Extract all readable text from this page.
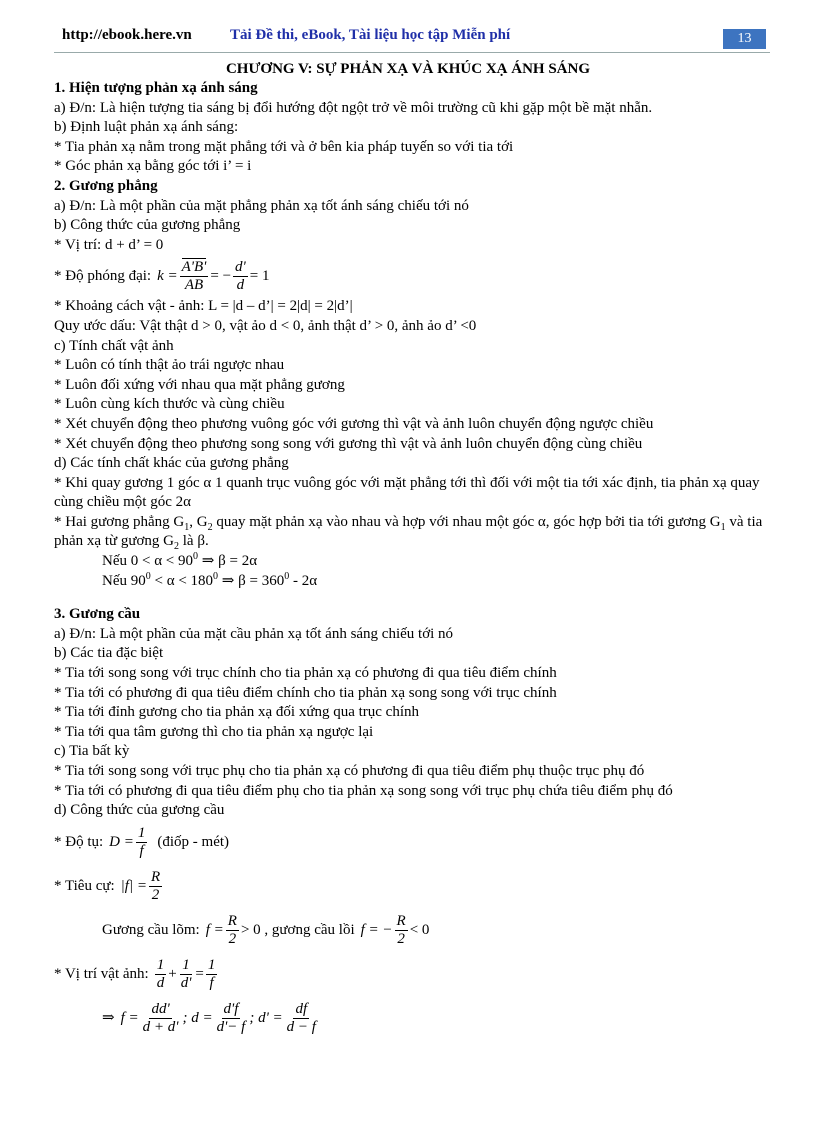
http://ebook.here.vn	Tải Đề thi, eBook, Tài liệu học tập Miễn phí	13
CHƯƠNG V: SỰ PHẢN XẠ VÀ KHÚC XẠ ÁNH SÁNG
1. Hiện tượng phản xạ ánh sáng
a) Đ/n: Là hiện tượng tia sáng bị đổi hướng đột ngột trở về môi trường cũ khi gặp một bề mặt nhẵn.
b) Định luật phản xạ ánh sáng:
* Tia phản xạ nằm trong mặt phẳng tới và ở bên kia pháp tuyến so với tia tới
* Góc phản xạ bằng góc tới i’ = i
2. Gương phẳng
a) Đ/n: Là một phần của mặt phẳng phản xạ tốt ánh sáng chiếu tới nó
b) Công thức của gương phẳng
* Vị trí: d + d’ = 0
* Độ phóng đại: $k = \frac{A'B'}{AB}$ = − $\frac{d'}{d} = 1$
* Khoảng cách vật - ảnh: L = |d – d’| = 2|d| = 2|d’|
Quy ước dấu: Vật thật d > 0, vật ảo d < 0, ảnh thật d’ > 0, ảnh ảo d’ <0
c) Tính chất vật ảnh
* Luôn có tính thật ảo trái ngược nhau
* Luôn đối xứng với nhau qua mặt phẳng gương
* Luôn cùng kích thước và cùng chiều
* Xét chuyển động theo phương vuông góc với gương thì vật và ảnh luôn chuyển động ngược chiều
* Xét chuyển động theo phương song song với gương thì vật và ảnh luôn chuyển động cùng chiều
d) Các tính chất khác của gương phẳng
* Khi quay gương 1 góc α 1 quanh trục vuông góc với mặt phẳng tới thì đối với một tia tới xác định, tia phản xạ quay cùng chiều một góc 2α
* Hai gương phẳng $G_1$, $G_2$ quay mặt phản xạ vào nhau và hợp với nhau một góc α, góc hợp bởi tia tới gương $G_1$ và tia phản xạ từ gương $G_2$ là β.
Nếu $0 < \alpha < 90^0$ ⇒ β = 2α
Nếu $90^0 < \alpha < 180^0$ ⇒ $\beta = 360^0 - 2\alpha$
3. Gương cầu
a) Đ/n: Là một phần của mặt cầu phản xạ tốt ánh sáng chiếu tới nó
b) Các tia đặc biệt
* Tia tới song song với trục chính cho tia phản xạ có phương đi qua tiêu điểm chính
* Tia tới có phương đi qua tiêu điểm chính cho tia phản xạ song song với trục chính
* Tia tới đỉnh gương cho tia phản xạ đối xứng qua trục chính
* Tia tới qua tâm gương thì cho tia phản xạ ngược lại
c) Tia bất kỳ
* Tia tới song song với trục phụ cho tia phản xạ có phương đi qua tiêu điểm phụ thuộc trục phụ đó
* Tia tới có phương đi qua tiêu điểm phụ cho tia phản xạ song song với trục phụ chứa tiêu điểm phụ đó
d) Công thức của gương cầu
* Độ tụ: $D = \frac{1}{f}$ (điốp - mét)
* Tiêu cự: $|f| = \frac{R}{2}$
Gương cầu lõm: $f = \frac{R}{2} > 0$ , gương cầu lồi f = − $\frac{R}{2} < 0$
* Vị trí vật ảnh: $\frac{1}{d} + \frac{1}{d'} = \frac{1}{f}$
⇒ $f = \frac{dd'}{d + d'}$ ; $d = \frac{d'f}{d'- f}$ ; $d' = \frac{df}{d - f}$
